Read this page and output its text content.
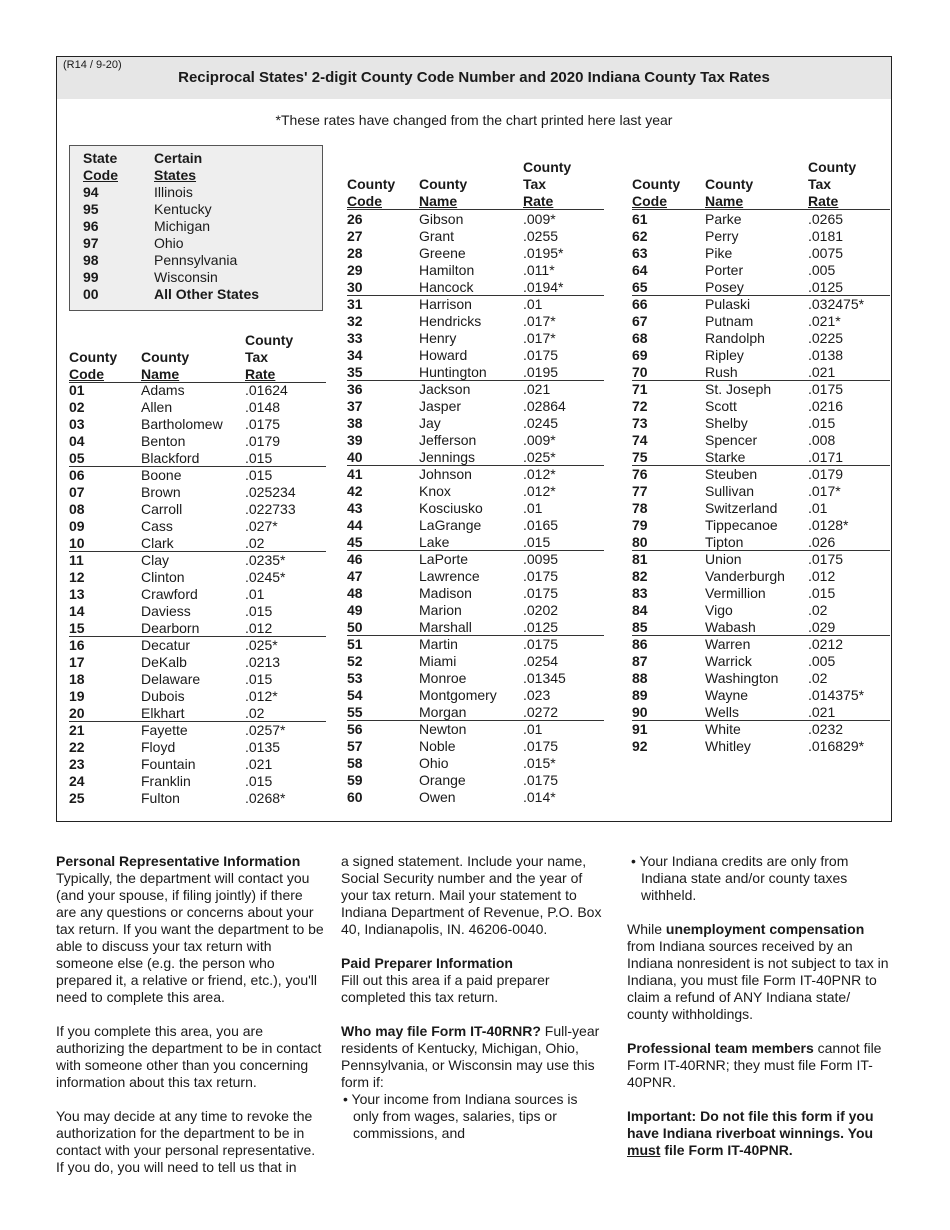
(R14 / 9-20)
Reciprocal States' 2-digit County Code Number and 2020 Indiana County Tax Rates
*These rates have changed from the chart printed here last year
State
Code
Certain
States
94	Illinois
95	Kentucky
96	Michigan
97	Ohio
98	Pennsylvania
99	Wisconsin
00	All Other States
County
Code
County
Name
County
Tax
Rate
01	Adams	.01624
02	Allen	.0148
03	Bartholomew .0175
04	Benton	.0179
05	Blackford	.015
06	Boone	.015
07	Brown	.025234
08	Carroll	.022733
09	Cass	.027*
10	Clark	.02
11	Clay	.0235*
12	Clinton	.0245*
13	Crawford	.01
14	Daviess	.015
15	Dearborn	.012
16	Decatur	.025*
17	DeKalb	.0213
18	Delaware	.015
19	Dubois	.012*
20	Elkhart	.02
21	Fayette	.0257*
22	Floyd	.0135
23	Fountain	.021
24	Franklin	.015
25	Fulton	.0268*
County
Code
County
Name
County
Tax
Rate
26	Gibson	.009*
27	Grant	.0255
28	Greene	.0195*
29	Hamilton	.011*
30	Hancock	.0194*
31	Harrison	.01
32	Hendricks	.017*
33	Henry	.017*
34	Howard	.0175
35	Huntington	.0195
36	Jackson	.021
37	Jasper	.02864
38	Jay	.0245
39	Jefferson	.009*
40	Jennings	.025*
41	Johnson	.012*
42	Knox	.012*
43	Kosciusko	.01
44	LaGrange	.0165
45	Lake	.015
46	LaPorte	.0095
47	Lawrence	.0175
48	Madison	.0175
49	Marion	.0202
50	Marshall	.0125
51	Martin	.0175
52	Miami	.0254
53	Monroe	.01345
54	Montgomery .023
55	Morgan	.0272
56	Newton	.01
57	Noble	.0175
58	Ohio	.015*
59	Orange	.0175
60	Owen	.014*
County
Code
County
Name
County
Tax
Rate
61	Parke	.0265
62	Perry	.0181
63	Pike	.0075
64	Porter	.005
65	Posey	.0125
66	Pulaski	.032475*
67	Putnam	.021*
68	Randolph	.0225
69	Ripley	.0138
70	Rush	.021
71	St. Joseph	.0175
72	Scott	.0216
73	Shelby	.015
74	Spencer	.008
75	Starke	.0171
76	Steuben	.0179
77	Sullivan	.017*
78	Switzerland .01
79	Tippecanoe .0128*
80	Tipton	.026
81	Union	.0175
82	Vanderburgh .012
83	Vermillion	.015
84	Vigo	.02
85	Wabash	.029
86	Warren	.0212
87	Warrick	.005
88	Washington .02
89	Wayne	.014375*
90	Wells	.021
91	White	.0232
92	Whitley	.016829*

Personal Representative Information

Typically, the department will contact you (and your spouse, if filing jointly) if there are any questions or concerns about your tax return. If you want the department to be able to discuss your tax return with someone else (e.g. the person who prepared it, a relative or friend, etc.), you'll need to complete this area.

If you complete this area, you are authorizing the department to be in contact with someone other than you concerning information about this tax return.

You may decide at any time to revoke the authorization for the department to be in contact with your personal representative. If you do, you will need to tell us that in

a signed statement. Include your name, Social Security number and the year of your tax return. Mail your statement to Indiana Department of Revenue, P.O. Box 40, Indianapolis, IN. 46206-0040.

Paid Preparer Information

Fill out this area if a paid preparer completed this tax return.

Who may file Form IT-40RNR? Full-year residents of Kentucky, Michigan, Ohio, Pennsylvania, or Wisconsin may use this form if:

• Your income from Indiana sources is only from wages, salaries, tips or commissions, and

• Your Indiana credits are only from Indiana state and/or county taxes withheld.

While unemployment compensation from Indiana sources received by an Indiana nonresident is not subject to tax in Indiana, you must file Form IT-40PNR to claim a refund of ANY Indiana state/ county withholdings.

Professional team members cannot file Form IT-40RNR; they must file Form IT-40PNR.

Important: Do not file this form if you have Indiana riverboat winnings. You must file Form IT-40PNR.
